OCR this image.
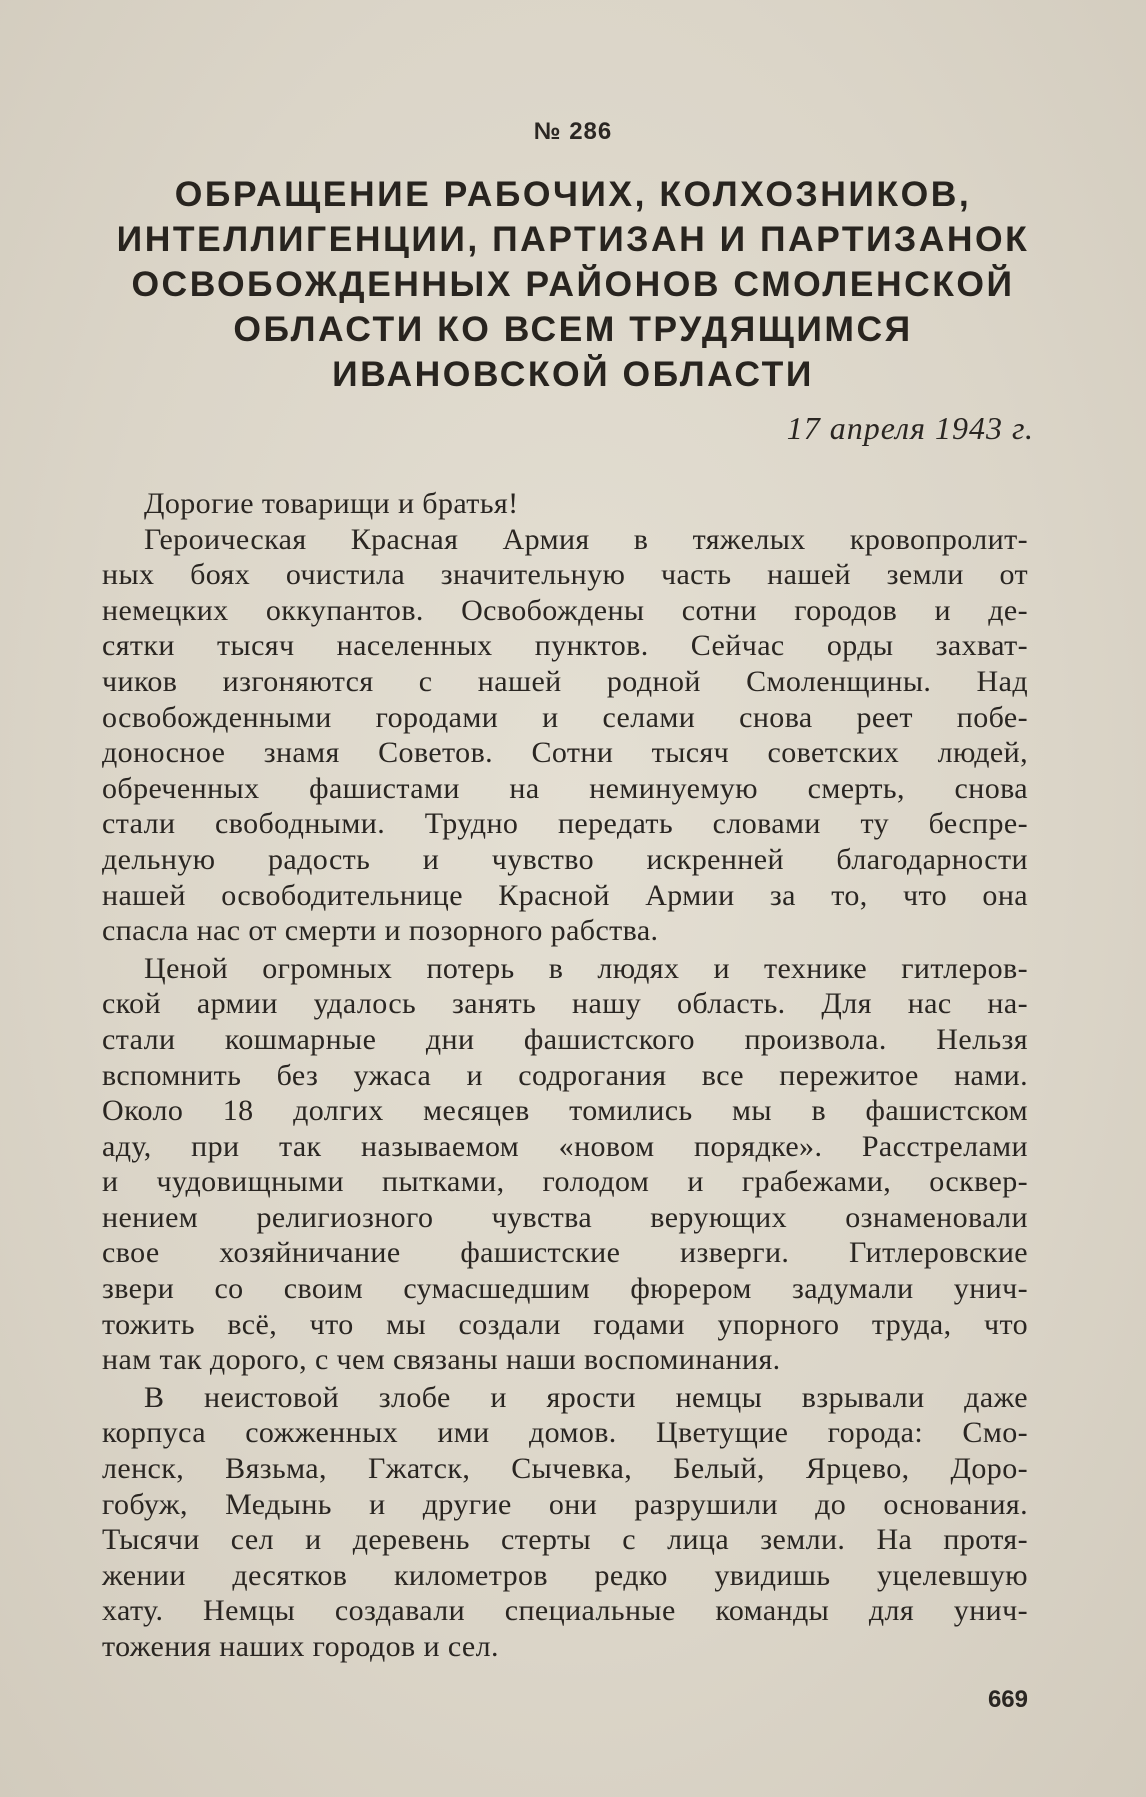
№ 286
ОБРАЩЕНИЕ РАБОЧИХ, КОЛХОЗНИКОВ,
ИНТЕЛЛИГЕНЦИИ, ПАРТИЗАН И ПАРТИЗАНОК
ОСВОБОЖДЕННЫХ РАЙОНОВ СМОЛЕНСКОЙ
ОБЛАСТИ КО ВСЕМ ТРУДЯЩИМСЯ
ИВАНОВСКОЙ ОБЛАСТИ
17 апреля 1943 г.
Дорогие товарищи и братья!
Героическая Красная Армия в тяжелых кровопролит-
ных боях очистила значительную часть нашей земли от
немецких оккупантов. Освобождены сотни городов и де-
сятки тысяч населенных пунктов. Сейчас орды захват-
чиков изгоняются с нашей родной Смоленщины. Над
освобожденными городами и селами снова реет побе-
доносное знамя Советов. Сотни тысяч советских людей,
обреченных фашистами на неминуемую смерть, снова
стали свободными. Трудно передать словами ту беспре-
дельную радость и чувство искренней благодарности
нашей освободительнице Красной Армии за то, что она
спасла нас от смерти и позорного рабства.
Ценой огромных потерь в людях и технике гитлеров-
ской армии удалось занять нашу область. Для нас на-
стали кошмарные дни фашистского произвола. Нельзя
вспомнить без ужаса и содрогания все пережитое нами.
Около 18 долгих месяцев томились мы в фашистском
аду, при так называемом «новом порядке». Расстрелами
и чудовищными пытками, голодом и грабежами, осквер-
нением религиозного чувства верующих ознаменовали
свое хозяйничание фашистские изверги. Гитлеровские
звери со своим сумасшедшим фюрером задумали унич-
тожить всё, что мы создали годами упорного труда, что
нам так дорого, с чем связаны наши воспоминания.
В неистовой злобе и ярости немцы взрывали даже
корпуса сожженных ими домов. Цветущие города: Смо-
ленск, Вязьма, Гжатск, Сычевка, Белый, Ярцево, Доро-
гобуж, Медынь и другие они разрушили до основания.
Тысячи сел и деревень стерты с лица земли. На протя-
жении десятков километров редко увидишь уцелевшую
хату. Немцы создавали специальные команды для унич-
тожения наших городов и сел.
669
